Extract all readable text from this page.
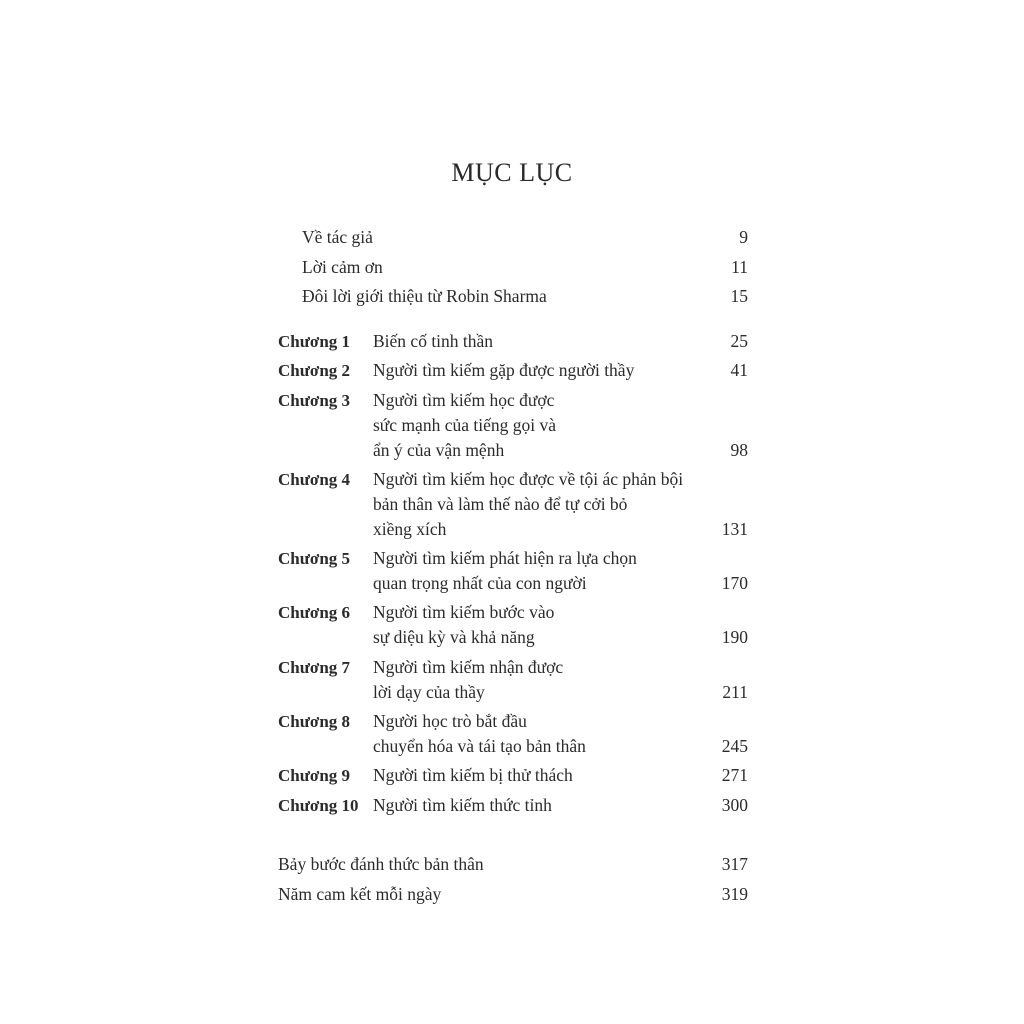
MỤC LỤC
Về tác giả	9
Lời cảm ơn	11
Đôi lời giới thiệu từ Robin Sharma	15
Chương 1 Biến cố tinh thần	25
Chương 2 Người tìm kiếm gặp được người thầy	41
Chương 3 Người tìm kiếm học được
sức mạnh của tiếng gọi và
ẩn ý của vận mệnh	98
Chương 4 Người tìm kiếm học được về tội ác phản bội
bản thân và làm thế nào để tự cởi bỏ
xiềng xích	131
Chương 5 Người tìm kiếm phát hiện ra lựa chọn
quan trọng nhất của con người	170
Chương 6 Người tìm kiếm bước vào
sự diệu kỳ và khả năng	190
Chương 7 Người tìm kiếm nhận được
lời dạy của thầy	211
Chương 8 Người học trò bắt đầu
chuyển hóa và tái tạo bản thân	245
Chương 9 Người tìm kiếm bị thử thách	271
Chương 10 Người tìm kiếm thức tỉnh	300
Bảy bước đánh thức bản thân	317
Năm cam kết mỗi ngày	319
